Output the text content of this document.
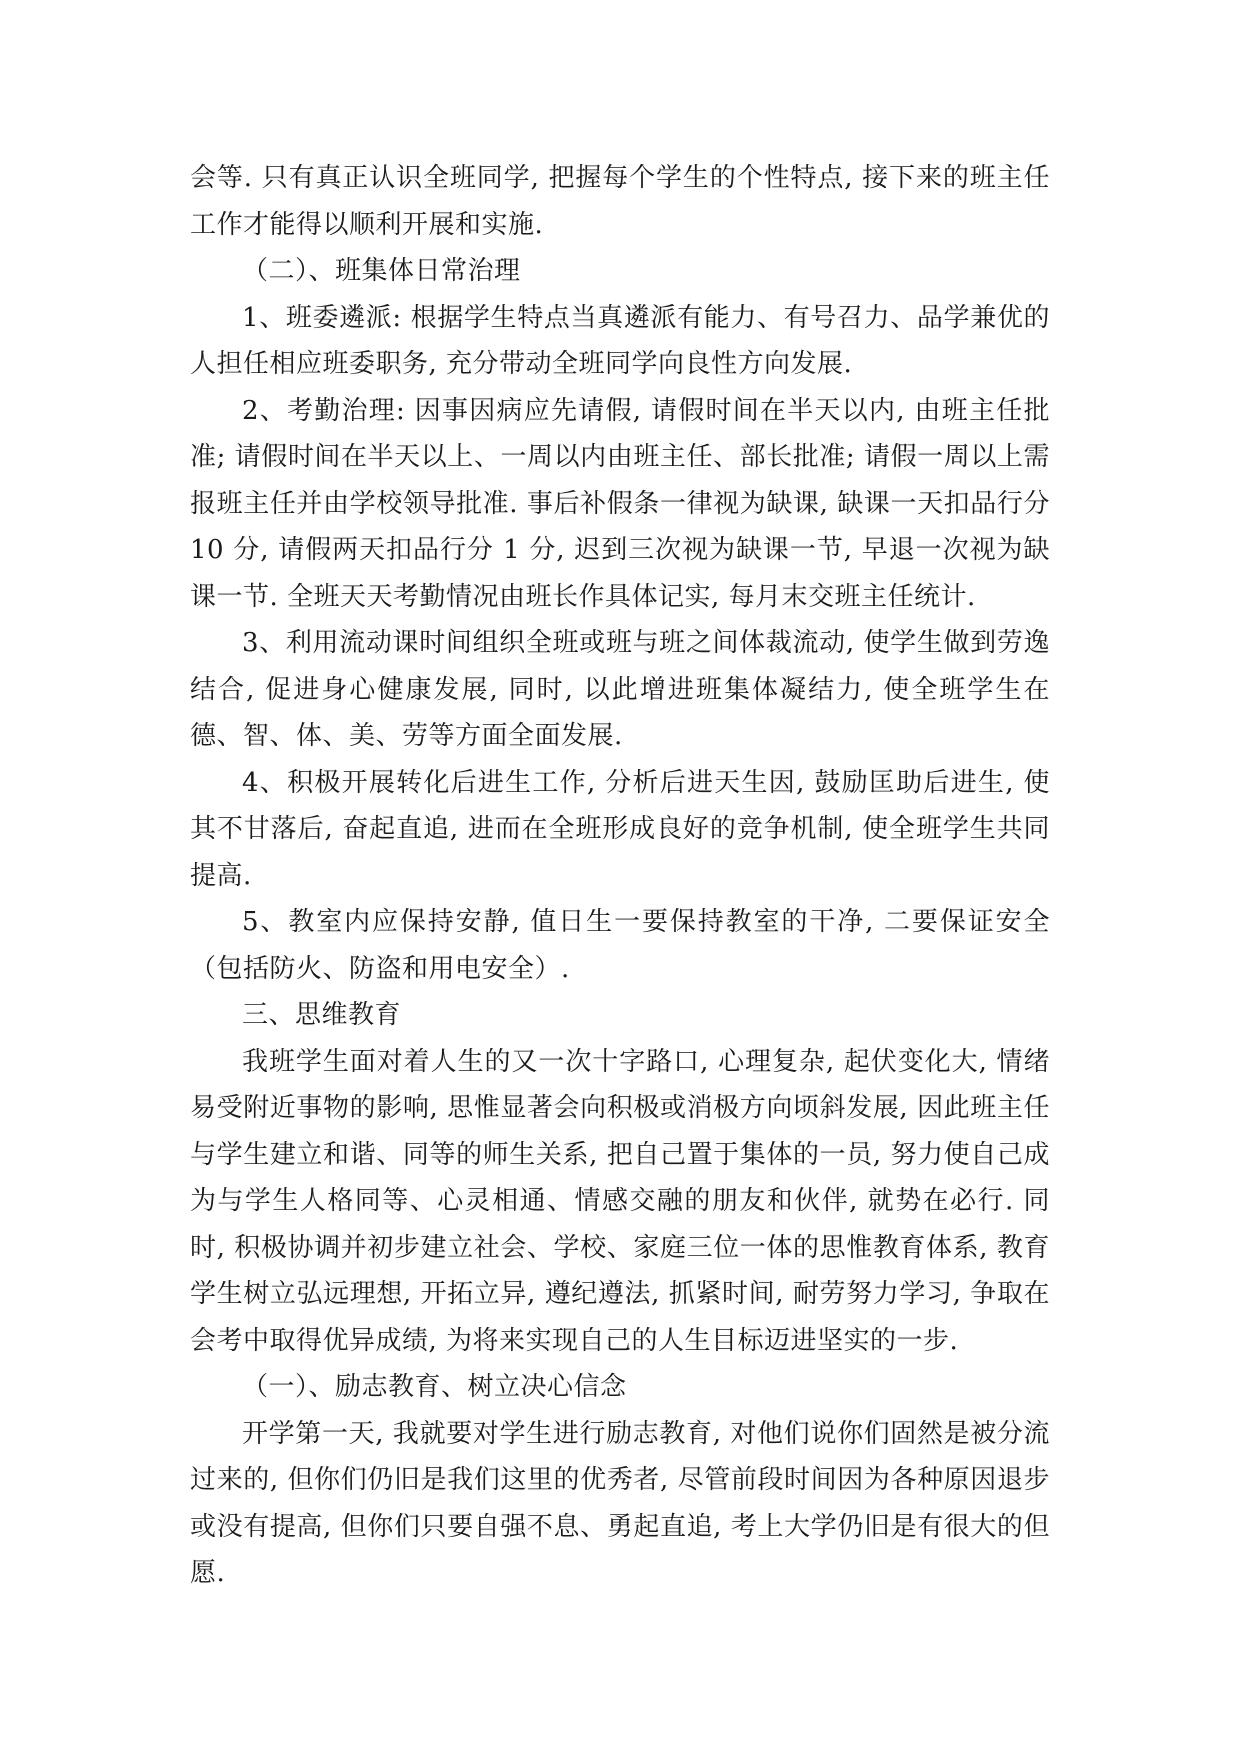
会等. 只有真正认识全班同学, 把握每个学生的个性特点, 接下来的班主任工作才能得以顺利开展和实施.

（二）、班集体日常治理

1、班委遴派: 根据学生特点当真遴派有能力、有号召力、品学兼优的人担任相应班委职务, 充分带动全班同学向良性方向发展.

2、考勤治理: 因事因病应先请假, 请假时间在半天以内, 由班主任批准; 请假时间在半天以上、一周以内由班主任、部长批准; 请假一周以上需报班主任并由学校领导批准. 事后补假条一律视为缺课, 缺课一天扣品行分 10 分, 请假两天扣品行分 1 分, 迟到三次视为缺课一节, 早退一次视为缺课一节. 全班天天考勤情况由班长作具体记实, 每月末交班主任统计.

3、利用流动课时间组织全班或班与班之间体裁流动, 使学生做到劳逸结合, 促进身心健康发展, 同时, 以此增进班集体凝结力, 使全班学生在德、智、体、美、劳等方面全面发展.

4、积极开展转化后进生工作, 分析后进天生因, 鼓励匡助后进生, 使其不甘落后, 奋起直追, 进而在全班形成良好的竞争机制, 使全班学生共同提高.

5、教室内应保持安静, 值日生一要保持教室的干净, 二要保证安全（包括防火、防盗和用电安全）.

三、思维教育

我班学生面对着人生的又一次十字路口, 心理复杂, 起伏变化大, 情绪易受附近事物的影响, 思惟显著会向积极或消极方向顷斜发展, 因此班主任与学生建立和谐、同等的师生关系, 把自己置于集体的一员, 努力使自己成为与学生人格同等、心灵相通、情感交融的朋友和伙伴, 就势在必行. 同时, 积极协调并初步建立社会、学校、家庭三位一体的思惟教育体系, 教育学生树立弘远理想, 开拓立异, 遵纪遵法, 抓紧时间, 耐劳努力学习, 争取在会考中取得优异成绩, 为将来实现自己的人生目标迈进坚实的一步.

（一）、励志教育、树立决心信念

开学第一天, 我就要对学生进行励志教育, 对他们说你们固然是被分流过来的, 但你们仍旧是我们这里的优秀者, 尽管前段时间因为各种原因退步或没有提高, 但你们只要自强不息、勇起直追, 考上大学仍旧是有很大的但愿.
